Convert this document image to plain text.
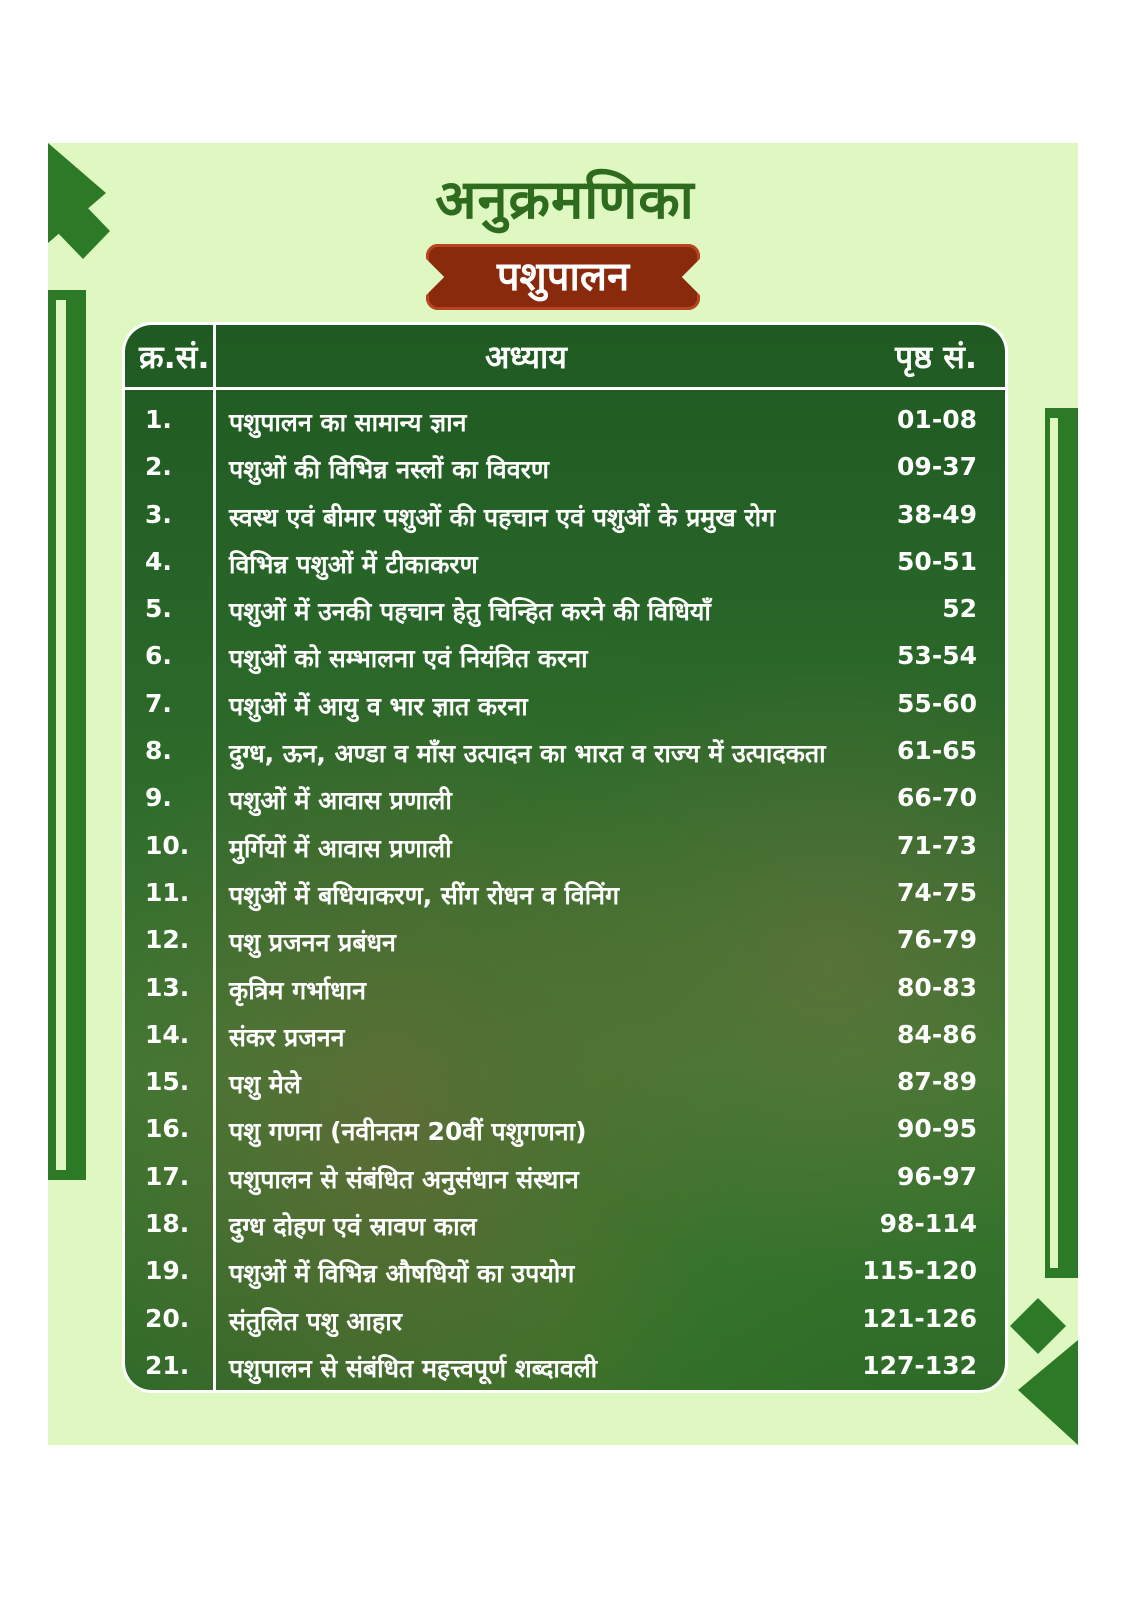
अनुक्रमणिका
पशुपालन
क्र.सं.	अध्याय	पृष्ठ सं.
1. पशुपालन का सामान्य ज्ञान	01-08
2. पशुओं की विभिन्न नस्लों का विवरण	09-37
3. स्वस्थ एवं बीमार पशुओं की पहचान एवं पशुओं के प्रमुख रोग	38-49
4. विभिन्न पशुओं में टीकाकरण	50-51
5. पशुओं में उनकी पहचान हेतु चिन्हित करने की विधियाँ	52
6. पशुओं को सम्भालना एवं नियंत्रित करना	53-54
7. पशुओं में आयु व भार ज्ञात करना	55-60
8. दुग्ध, ऊन, अण्डा व माँस उत्पादन का भारत व राज्य में उत्पादकता	61-65
9. पशुओं में आवास प्रणाली	66-70
10. मुर्गियों में आवास प्रणाली	71-73
11. पशुओं में बधियाकरण, सींग रोधन व विनिंग	74-75
12. पशु प्रजनन प्रबंधन	76-79
13. कृत्रिम गर्भाधान	80-83
14. संकर प्रजनन	84-86
15. पशु मेले	87-89
16. पशु गणना (नवीनतम 20वीं पशुगणना)	90-95
17. पशुपालन से संबंधित अनुसंधान संस्थान	96-97
18. दुग्ध दोहण एवं स्रावण काल	98-114
19. पशुओं में विभिन्न औषधियों का उपयोग	115-120
20. संतुलित पशु आहार	121-126
21. पशुपालन से संबंधित महत्त्वपूर्ण शब्दावली	127-132
